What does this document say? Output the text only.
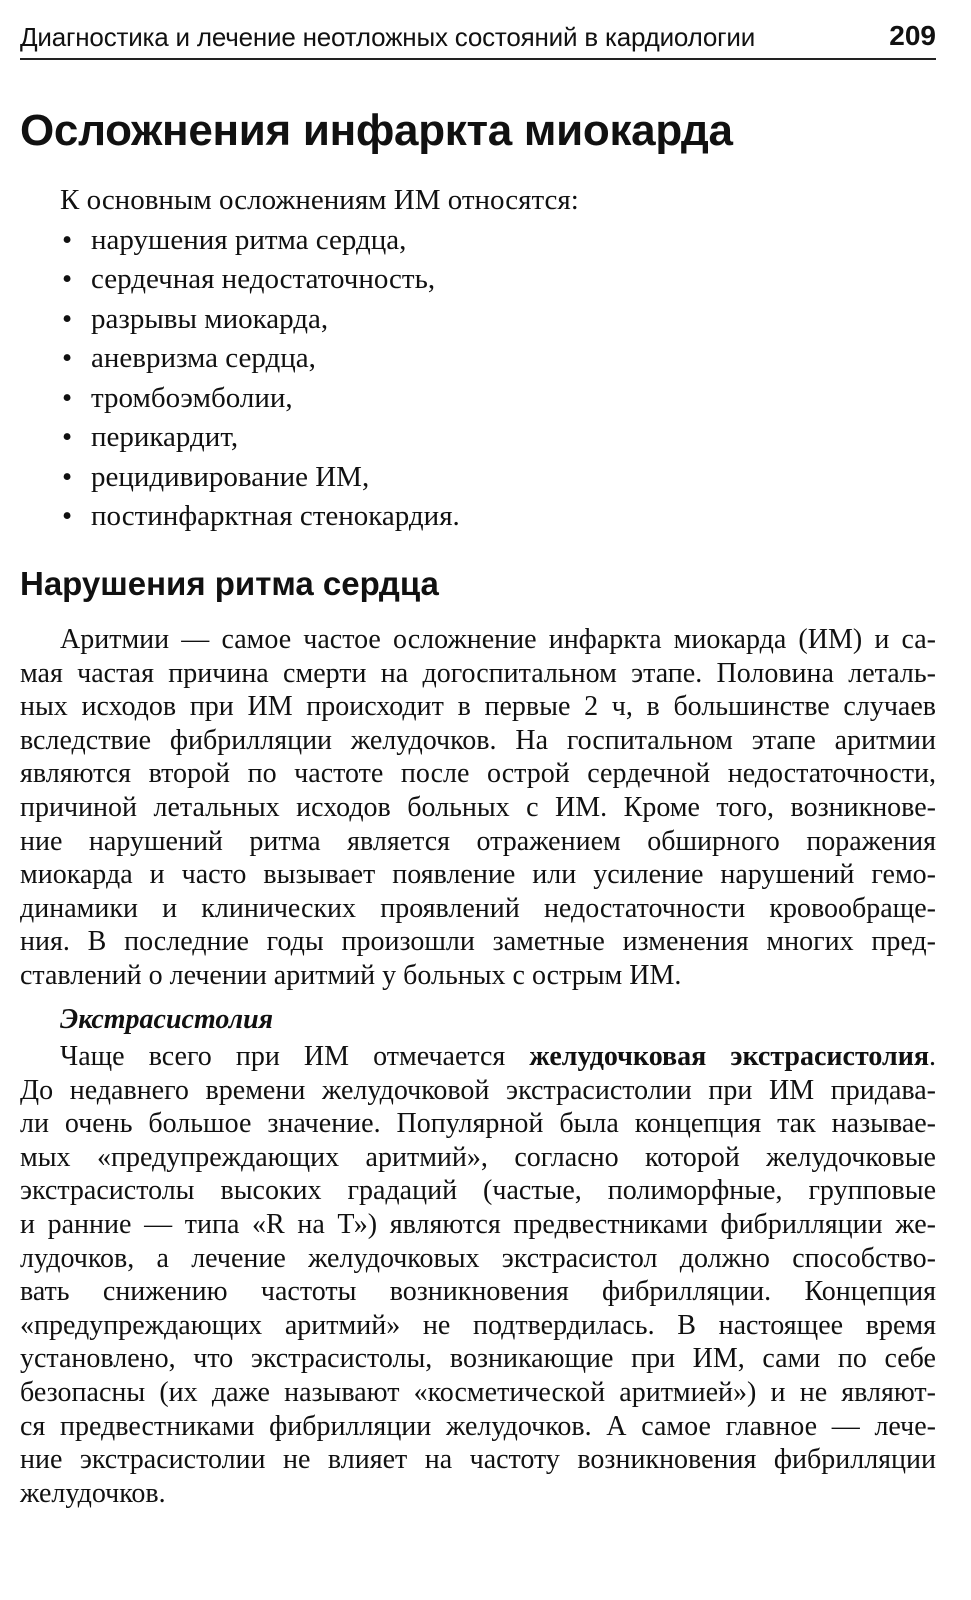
Диагностика и лечение неотложных состояний в кардиологии	209
Осложнения инфаркта миокарда

К основным осложнениям ИМ относятся:

• нарушения ритма сердца,
• сердечная недостаточность,
• разрывы миокарда,
• аневризма сердца,
• тромбоэмболии,
• перикардит,
• рецидивирование ИМ,
• постинфарктная стенокардия.
Нарушения ритма сердца
Аритмии — самое частое осложнение инфаркта миокарда (ИМ) и са-
мая частая причина смерти на догоспитальном этапе. Половина леталь-
ных исходов при ИМ происходит в первые 2 ч, в большинстве случаев
вследствие фибрилляции желудочков. На госпитальном этапе аритмии
являются второй по частоте после острой сердечной недостаточности,
причиной летальных исходов больных с ИМ. Кроме того, возникнове-
ние нарушений ритма является отражением обширного поражения
миокарда и часто вызывает появление или усиление нарушений гемо-
динамики и клинических проявлений недостаточности кровообраще-
ния. В последние годы произошли заметные изменения многих пред-
ставлений о лечении аритмий у больных с острым ИМ.
Экстрасистолия
Чаще всего при ИМ отмечается желудочковая экстрасистолия.
До недавнего времени желудочковой экстрасистолии при ИМ придава-
ли очень большое значение. Популярной была концепция так называе-
мых «предупреждающих аритмий», согласно которой желудочковые
экстрасистолы высоких градаций (частые, полиморфные, групповые
и ранние — типа «R на Т») являются предвестниками фибрилляции же-
лудочков, а лечение желудочковых экстрасистол должно способство-
вать снижению частоты возникновения фибрилляции. Концепция
«предупреждающих аритмий» не подтвердилась. В настоящее время
установлено, что экстрасистолы, возникающие при ИМ, сами по себе
безопасны (их даже называют «косметической аритмией») и не являют-
ся предвестниками фибрилляции желудочков. А самое главное — лече-
ние экстрасистолии не влияет на частоту возникновения фибрилляции
желудочков.
